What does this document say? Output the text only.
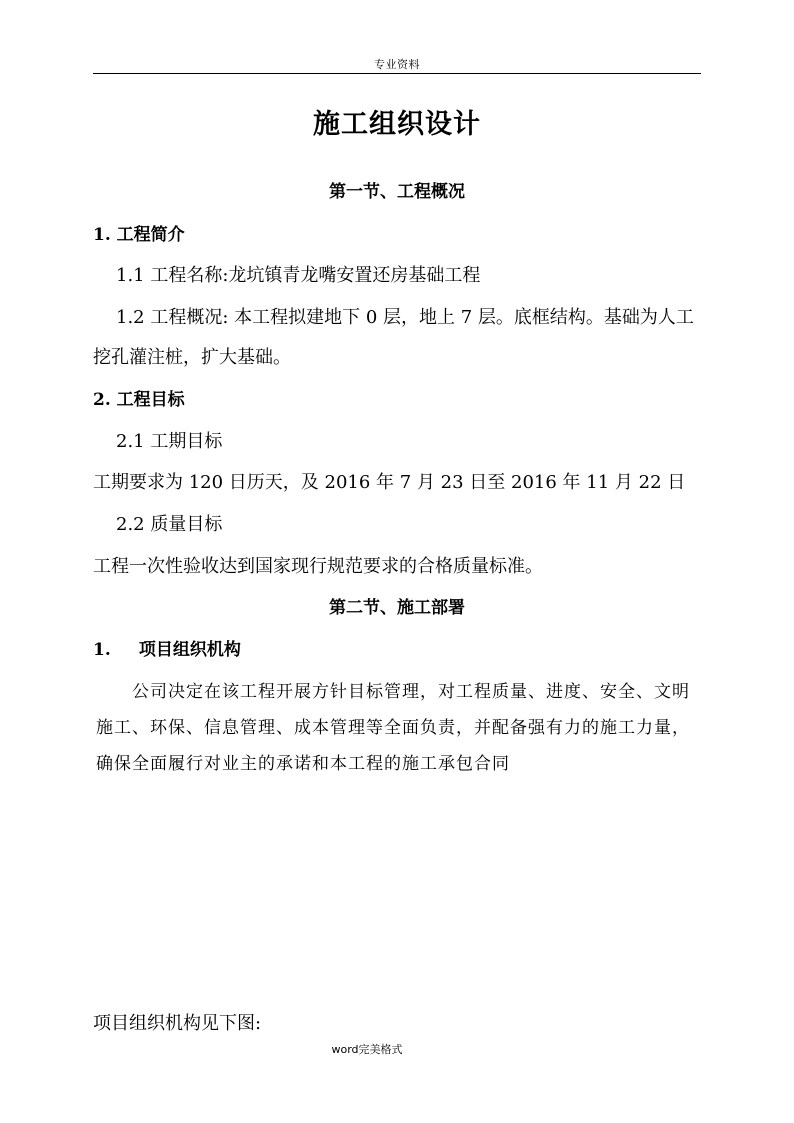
专业资料
施工组织设计
第一节、工程概况
1. 工程简介
1.1 工程名称:龙坑镇青龙嘴安置还房基础工程
1.2 工程概况: 本工程拟建地下 0 层，地上 7 层。底框结构。基础为人工
挖孔灌注桩，扩大基础。
2. 工程目标
2.1 工期目标
工期要求为 120 日历天，及 2016 年 7 月 23 日至 2016 年 11 月 22 日
2.2 质量目标
工程一次性验收达到国家现行规范要求的合格质量标准。
第二节、施工部署
1. 项目组织机构
公司决定在该工程开展方针目标管理，对工程质量、进度、安全、文明施工、环保、信息管理、成本管理等全面负责，并配备强有力的施工力量，确保全面履行对业主的承诺和本工程的施工承包合同
项目组织机构见下图:
word完美格式
